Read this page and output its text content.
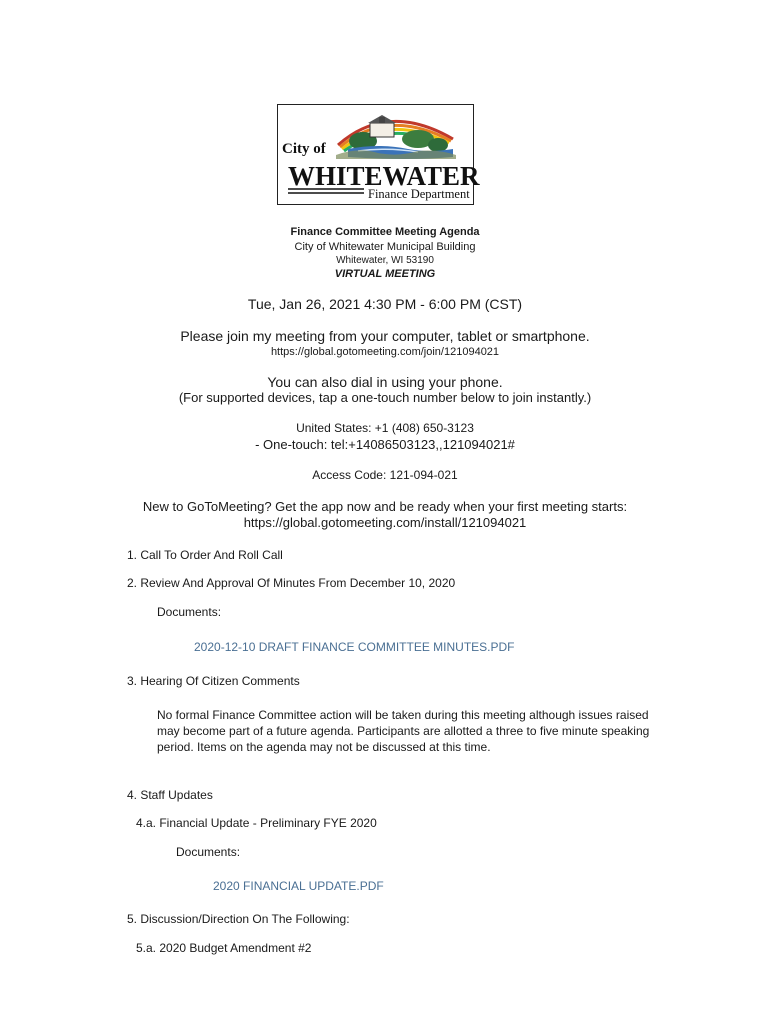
City of
WHITEWATER
Finance Department
Finance Committee Meeting Agenda
City of Whitewater Municipal Building
Whitewater, WI 53190
VIRTUAL MEETING
Tue, Jan 26, 2021 4:30 PM - 6:00 PM (CST)
Please join my meeting from your computer, tablet or smartphone.
https://global.gotomeeting.com/join/121094021
You can also dial in using your phone.
(For supported devices, tap a one-touch number below to join instantly.)
United States: +1 (408) 650-3123
- One-touch: tel:+14086503123,,121094021#
Access Code: 121-094-021
New to GoToMeeting? Get the app now and be ready when your first meeting starts:
https://global.gotomeeting.com/install/121094021
1. Call To Order And Roll Call
2. Review And Approval Of Minutes From December 10, 2020
Documents:
2020-12-10 DRAFT FINANCE COMMITTEE MINUTES.PDF
3. Hearing Of Citizen Comments
No formal Finance Committee action will be taken during this meeting although issues raised may become part of a future agenda. Participants are allotted a three to five minute speaking period. Items on the agenda may not be discussed at this time.
4. Staff Updates
4.a. Financial Update - Preliminary FYE 2020
Documents:
2020 FINANCIAL UPDATE.PDF
5. Discussion/Direction On The Following:
5.a. 2020 Budget Amendment #2
